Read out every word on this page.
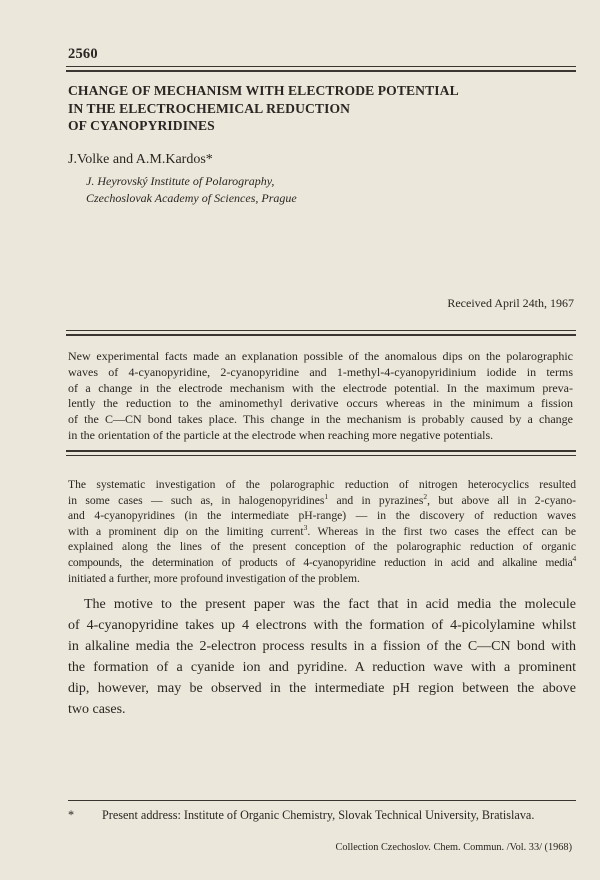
2560
CHANGE OF MECHANISM WITH ELECTRODE POTENTIAL
IN THE ELECTROCHEMICAL REDUCTION
OF CYANOPYRIDINES
J.Volke and A.M.Kardos*
J. Heyrovský Institute of Polarography,
Czechoslovak Academy of Sciences, Prague
Received April 24th, 1967
New experimental facts made an explanation possible of the anomalous dips on the polarographic
waves of 4-cyanopyridine, 2-cyanopyridine and 1-methyl-4-cyanopyridinium iodide in terms
of a change in the electrode mechanism with the electrode potential. In the maximum preva-
lently the reduction to the aminomethyl derivative occurs whereas in the minimum a fission
of the C—CN bond takes place. This change in the mechanism is probably caused by a change
in the orientation of the particle at the electrode when reaching more negative potentials.
The systematic investigation of the polarographic reduction of nitrogen heterocyclics resulted
in some cases — such as, in halogenopyridines$^1$ and in pyrazines$^2$, but above all in 2-cyano-
and 4-cyanopyridines (in the intermediate pH-range) — in the discovery of reduction waves
with a prominent dip on the limiting current$^3$. Whereas in the first two cases the effect can be
explained along the lines of the present conception of the polarographic reduction of organic
compounds, the determination of products of 4-cyanopyridine reduction in acid and alkaline media$^4$
initiated a further, more profound investigation of the problem.
The motive to the present paper was the fact that in acid media the molecule
of 4-cyanopyridine takes up 4 electrons with the formation of 4-picolylamine whilst
in alkaline media the 2-electron process results in a fission of the C—CN bond with
the formation of a cyanide ion and pyridine. A reduction wave with a prominent
dip, however, may be observed in the intermediate pH region between the above
two cases.
* Present address: Institute of Organic Chemistry, Slovak Technical University, Bratislava.
Collection Czechoslov. Chem. Commun. /Vol. 33/ (1968)
